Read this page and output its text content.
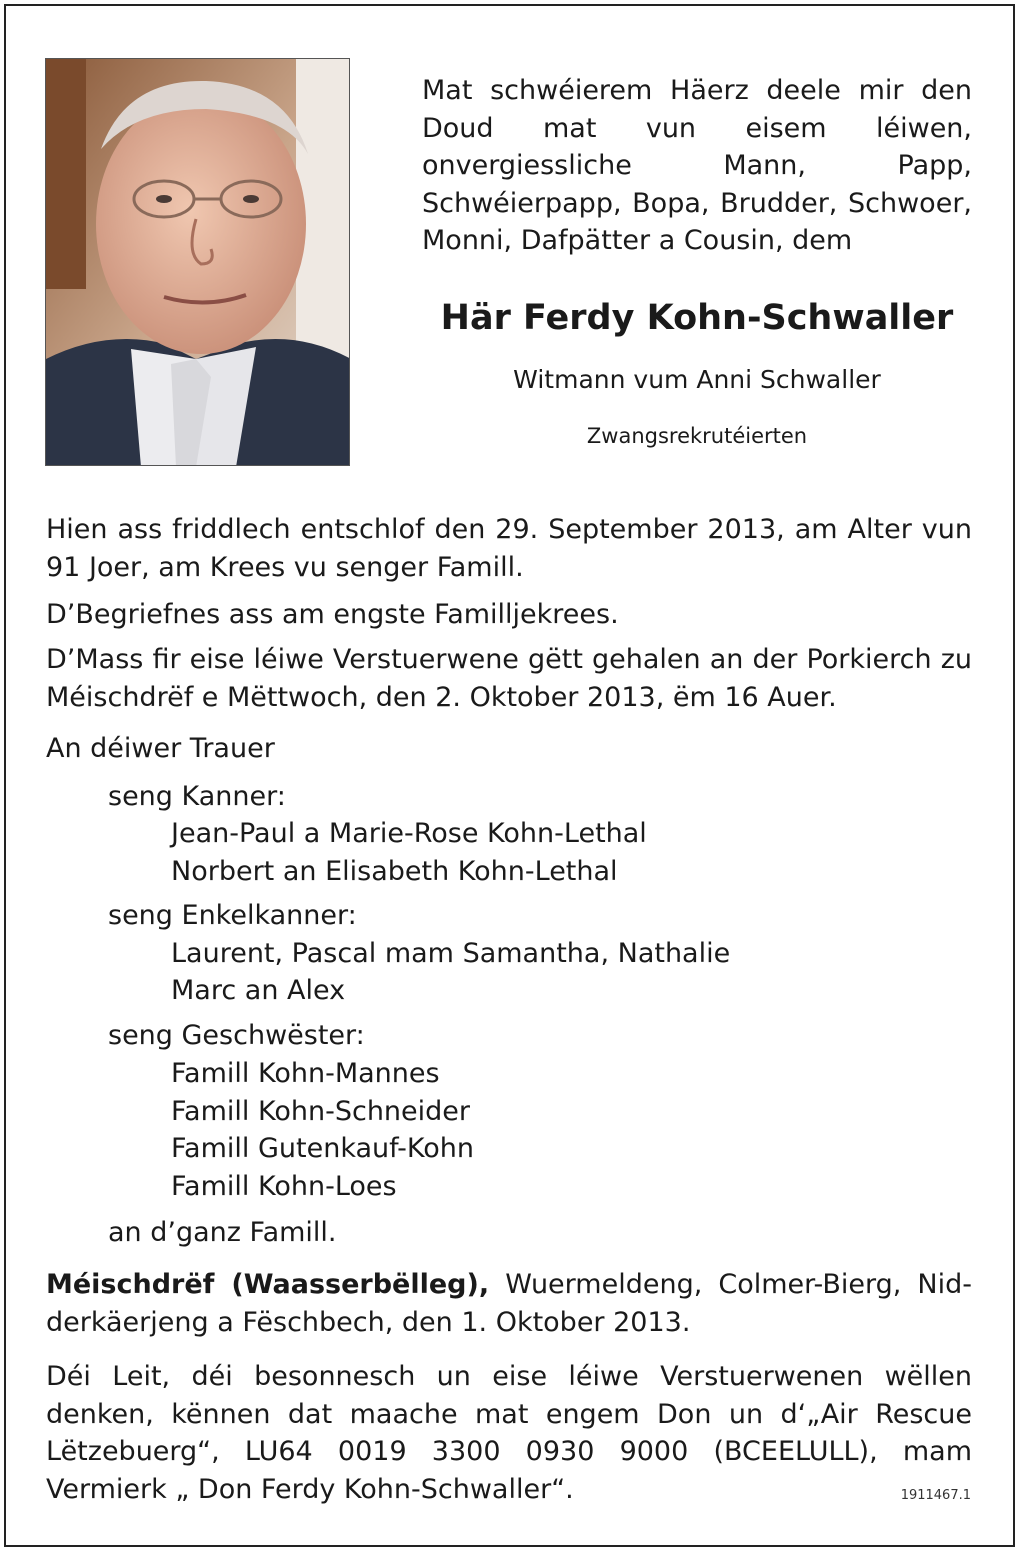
Mat schwéierem Häerz deele mir den Doud mat vun eisem léiwen, onvergiessliche Mann, Papp, Schwéierpapp, Bopa, Brudder, Schwoer, Monni, Dafpätter a Cousin, dem
Här Ferdy Kohn-Schwaller
Witmann vum Anni Schwaller
Zwangsrekrutéierten

Hien ass friddlech entschlof den 29. September 2013, am Alter vun 91 Joer, am Krees vu senger Famill.

D’Begriefnes ass am engste Familljekrees.

D’Mass fir eise léiwe Verstuerwene gëtt gehalen an der Porkierch zu Méischdrëf e Mëttwoch, den 2. Oktober 2013, ëm 16 Auer.

An déiwer Trauer
seng Kanner:
Jean-Paul a Marie-Rose Kohn-Lethal
Norbert an Elisabeth Kohn-Lethal
seng Enkelkanner:
Laurent, Pascal mam Samantha, Nathalie
Marc an Alex
seng Geschwëster:
Famill Kohn-Mannes
Famill Kohn-Schneider
Famill Gutenkauf-Kohn
Famill Kohn-Loes
an d’ganz Famill.

Méischdrëf (Waasserbëlleg), Wuermeldeng, Colmer-Bierg, Nidderkäerjeng a Fëschbech, den 1. Oktober 2013.

Déi Leit, déi besonnesch un eise léiwe Verstuerwenen wëllen denken, kënnen dat maache mat engem Don un d‘„Air Rescue Lëtzebuerg“, LU64 0019 3300 0930 9000 (BCEELULL), mam Vermierk „ Don Ferdy Kohn-Schwaller“.	1911467.1
